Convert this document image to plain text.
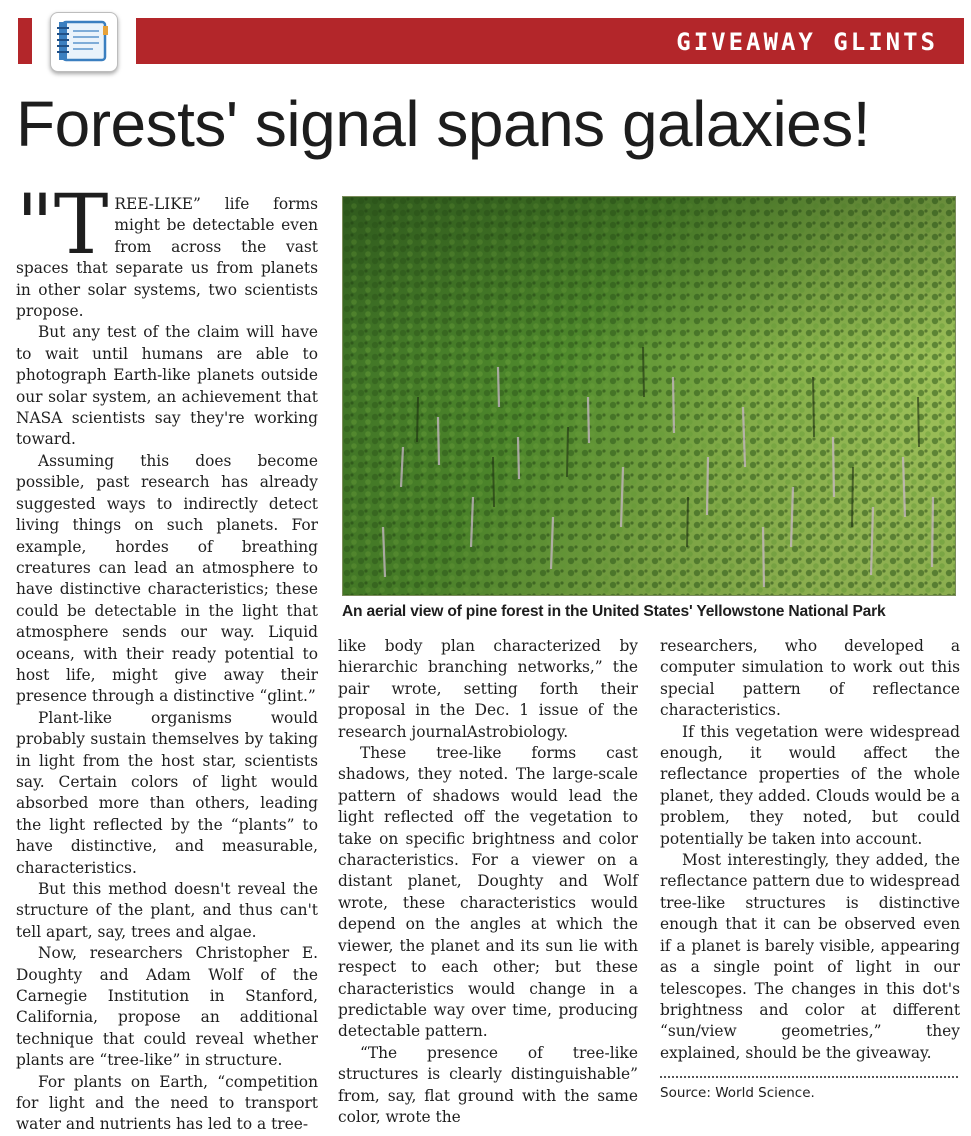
GIVEAWAY GLINTS
Forests' signal spans galaxies!

"TREE-LIKE” life forms might be detectable even from across the vast spaces that separate us from planets in other solar systems, two scientists propose.

But any test of the claim will have to wait until humans are able to photograph Earth-like planets outside our solar system, an achievement that NASA scientists say they're working toward.

Assuming this does become possible, past research has already suggested ways to indirectly detect living things on such planets. For example, hordes of breathing creatures can lead an atmosphere to have distinctive characteristics; these could be detectable in the light that atmosphere sends our way. Liquid oceans, with their ready potential to host life, might give away their presence through a distinctive “glint.”

Plant-like organisms would probably sustain themselves by taking in light from the host star, scientists say. Certain colors of light would absorbed more than others, leading the light reflected by the “plants” to have distinctive, and measurable, characteristics.

But this method doesn't reveal the structure of the plant, and thus can't tell apart, say, trees and algae.

Now, researchers Christopher E. Doughty and Adam Wolf of the Carnegie Institution in Stanford, California, propose an additional technique that could reveal whether plants are “tree-like” in structure.

For plants on Earth, “competition for light and the need to transport water and nutrients has led to a tree-

An aerial view of pine forest in the United States' Yellowstone National Park

like body plan characterized by hierarchic branching networks,” the pair wrote, setting forth their proposal in the Dec. 1 issue of the research journalAstrobiology.

These tree-like forms cast shadows, they noted. The large-scale pattern of shadows would lead the light reflected off the vegetation to take on specific brightness and color characteristics. For a viewer on a distant planet, Doughty and Wolf wrote, these characteristics would depend on the angles at which the viewer, the planet and its sun lie with respect to each other; but these characteristics would change in a predictable way over time, producing detectable pattern.

“The presence of tree-like structures is clearly distinguishable” from, say, flat ground with the same color, wrote the

researchers, who developed a computer simulation to work out this special pattern of reflectance characteristics.

If this vegetation were widespread enough, it would affect the reflectance properties of the whole planet, they added. Clouds would be a problem, they noted, but could potentially be taken into account.

Most interestingly, they added, the reflectance pattern due to widespread tree-like structures is distinctive enough that it can be observed even if a planet is barely visible, appearing as a single point of light in our telescopes. The changes in this dot's brightness and color at different “sun/view geometries,” they explained, should be the giveaway.

Source: World Science.
